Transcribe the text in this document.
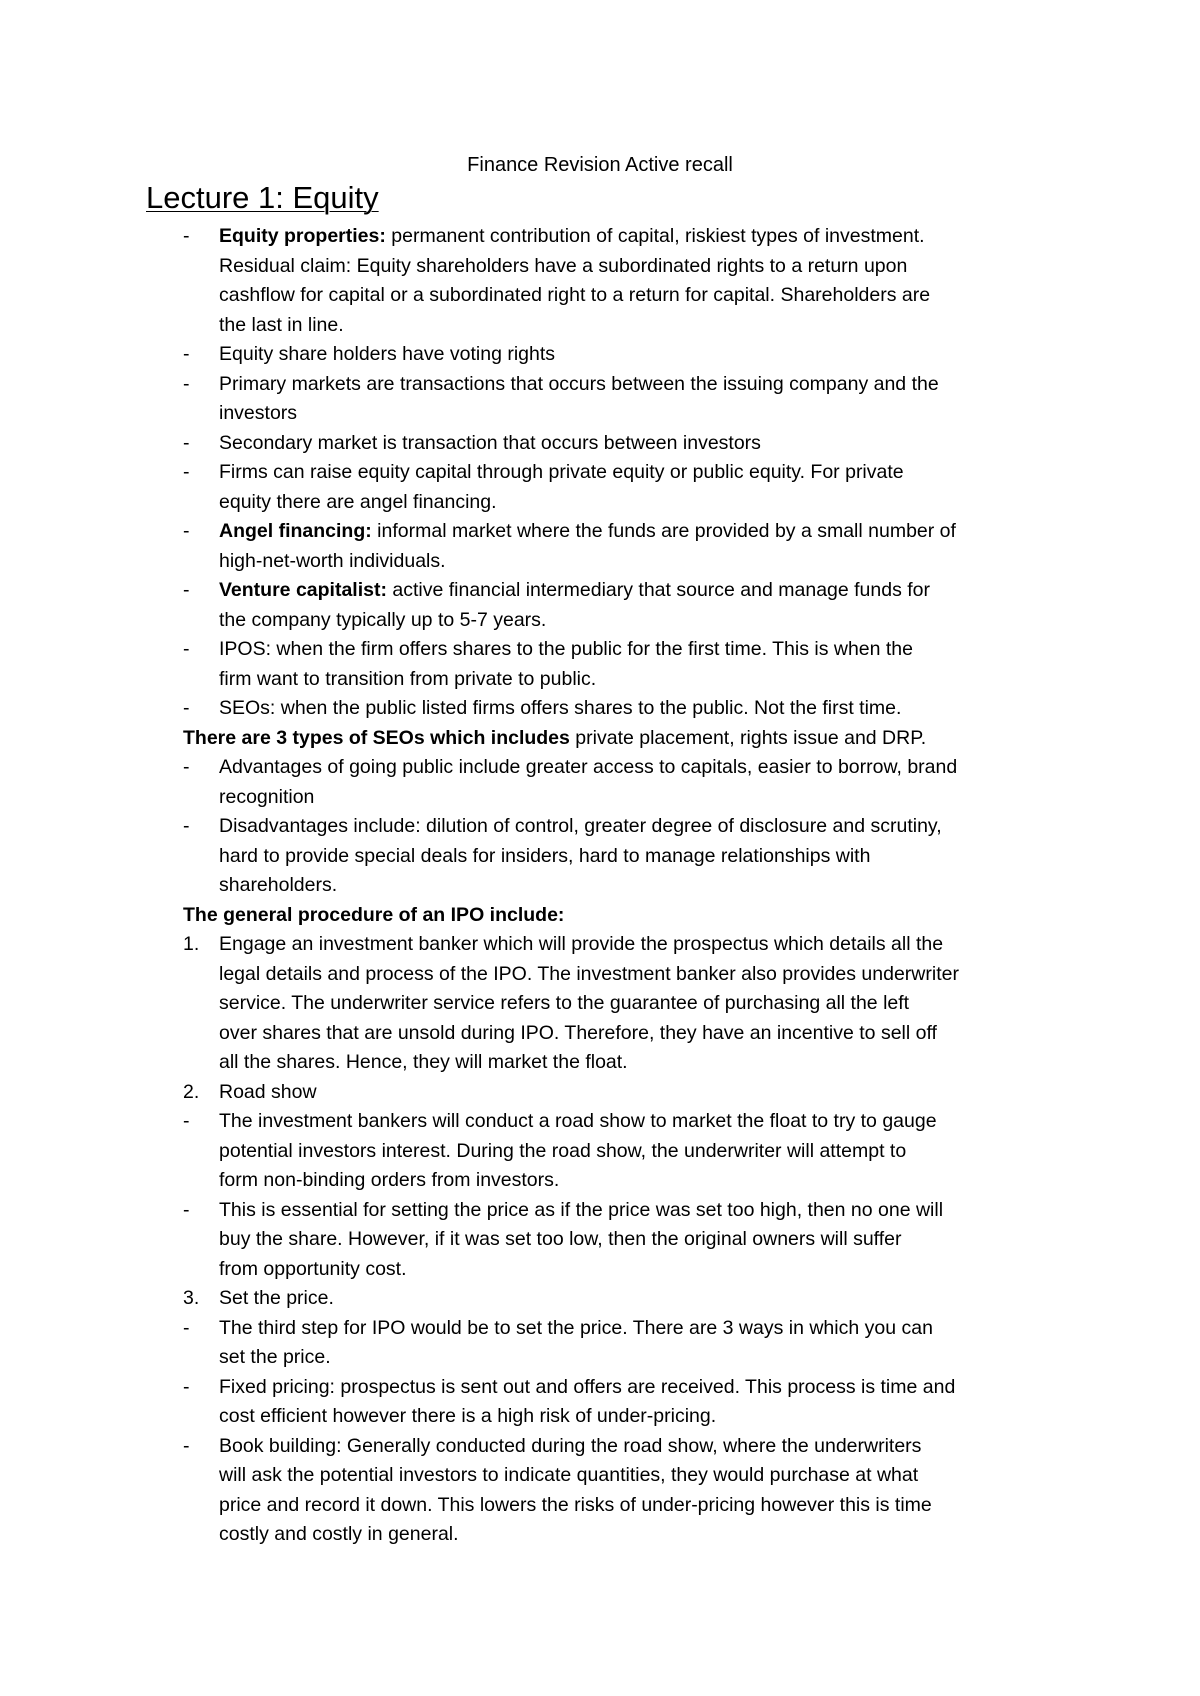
Finance Revision Active recall
Lecture 1: Equity
- Equity properties: permanent contribution of capital, riskiest types of investment.
Residual claim: Equity shareholders have a subordinated rights to a return upon
cashflow for capital or a subordinated right to a return for capital. Shareholders are
the last in line.
- Equity share holders have voting rights
- Primary markets are transactions that occurs between the issuing company and the
investors
- Secondary market is transaction that occurs between investors
- Firms can raise equity capital through private equity or public equity. For private
equity there are angel financing.
- Angel financing: informal market where the funds are provided by a small number of
high-net-worth individuals.
- Venture capitalist: active financial intermediary that source and manage funds for
the company typically up to 5-7 years.
- IPOS: when the firm offers shares to the public for the first time. This is when the
firm want to transition from private to public.
- SEOs: when the public listed firms offers shares to the public. Not the first time.
There are 3 types of SEOs which includes private placement, rights issue and DRP.
- Advantages of going public include greater access to capitals, easier to borrow, brand
recognition
- Disadvantages include: dilution of control, greater degree of disclosure and scrutiny,
hard to provide special deals for insiders, hard to manage relationships with
shareholders.
The general procedure of an IPO include:
1. Engage an investment banker which will provide the prospectus which details all the
legal details and process of the IPO. The investment banker also provides underwriter
service. The underwriter service refers to the guarantee of purchasing all the left
over shares that are unsold during IPO. Therefore, they have an incentive to sell off
all the shares. Hence, they will market the float.
2. Road show
- The investment bankers will conduct a road show to market the float to try to gauge
potential investors interest. During the road show, the underwriter will attempt to
form non-binding orders from investors.
- This is essential for setting the price as if the price was set too high, then no one will
buy the share. However, if it was set too low, then the original owners will suffer
from opportunity cost.
3. Set the price.
- The third step for IPO would be to set the price. There are 3 ways in which you can
set the price.
- Fixed pricing: prospectus is sent out and offers are received. This process is time and
cost efficient however there is a high risk of under-pricing.
- Book building: Generally conducted during the road show, where the underwriters
will ask the potential investors to indicate quantities, they would purchase at what
price and record it down. This lowers the risks of under-pricing however this is time
costly and costly in general.
